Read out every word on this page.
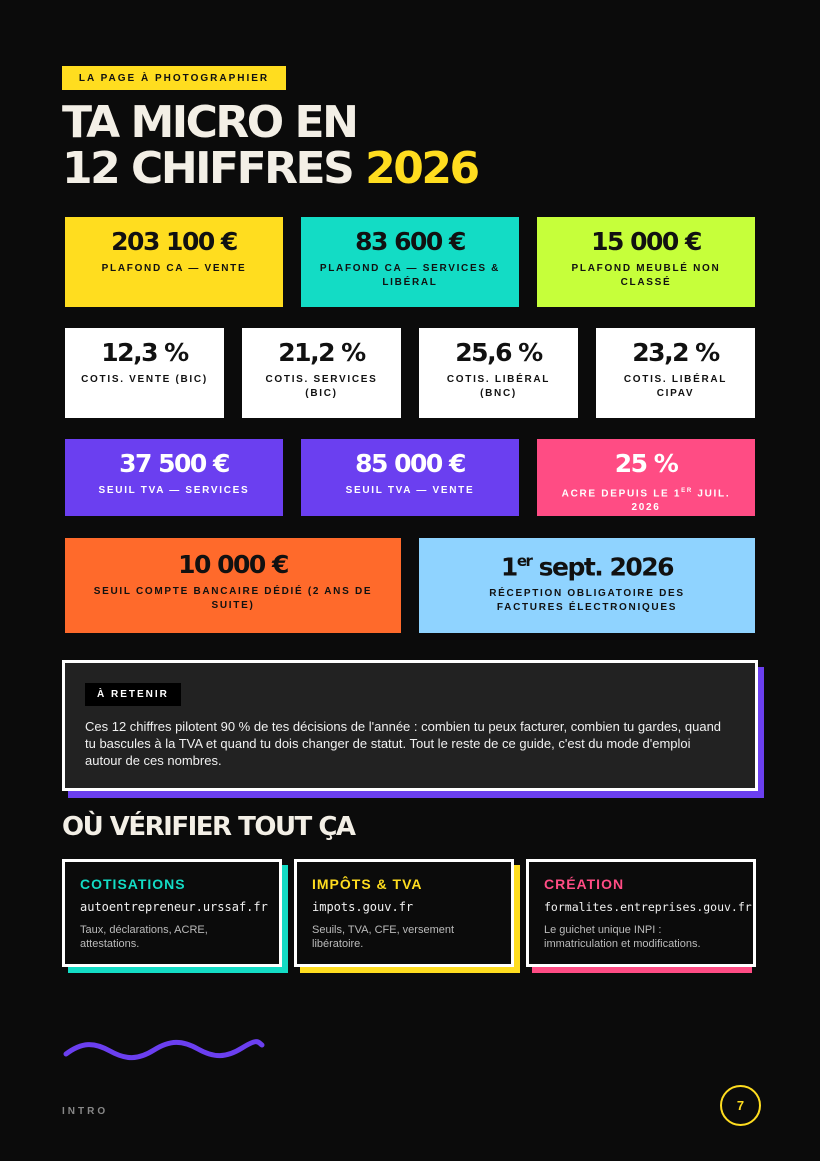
LA PAGE À PHOTOGRAPHIER
TA MICRO EN
12 CHIFFRES 2026
203 100 €
PLAFOND CA — VENTE
83 600 €
PLAFOND CA — SERVICES & LIBÉRAL
15 000 €
PLAFOND MEUBLÉ NON CLASSÉ
12,3 %
COTIS. VENTE (BIC)
21,2 %
COTIS. SERVICES (BIC)
25,6 %
COTIS. LIBÉRAL (BNC)
23,2 %
COTIS. LIBÉRAL CIPAV
37 500 €
SEUIL TVA — SERVICES
85 000 €
SEUIL TVA — VENTE
25 %
ACRE DEPUIS LE 1ER JUIL. 2026
10 000 €
SEUIL COMPTE BANCAIRE DÉDIÉ (2 ANS DE SUITE)
1er sept. 2026
RÉCEPTION OBLIGATOIRE DES FACTURES ÉLECTRONIQUES
À RETENIR
Ces 12 chiffres pilotent 90 % de tes décisions de l'année : combien tu peux facturer, combien tu gardes, quand tu bascules à la TVA et quand tu dois changer de statut. Tout le reste de ce guide, c'est du mode d'emploi autour de ces nombres.
OÙ VÉRIFIER TOUT ÇA
COTISATIONS
autoentrepreneur.urssaf.fr
Taux, déclarations, ACRE, attestations.
IMPÔTS & TVA
impots.gouv.fr
Seuils, TVA, CFE, versement libératoire.
CRÉATION
formalites.entreprises.gouv.fr
Le guichet unique INPI : immatriculation et modifications.
INTRO	7
